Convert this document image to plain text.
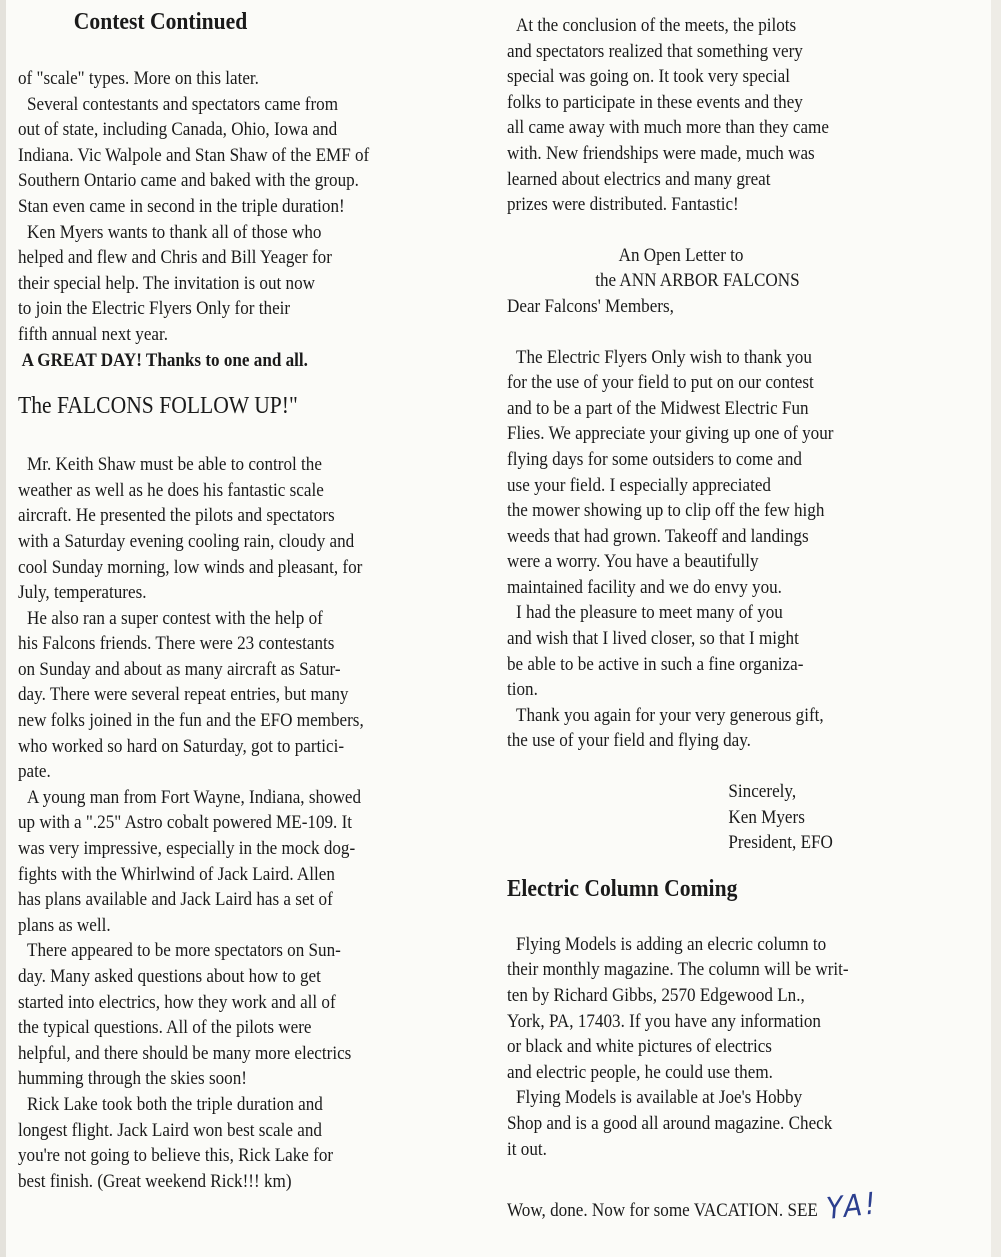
Contest Continued

of "scale" types. More on this later.

Several contestants and spectators came from

out of state, including Canada, Ohio, Iowa and

Indiana. Vic Walpole and Stan Shaw of the EMF of

Southern Ontario came and baked with the group.

Stan even came in second in the triple duration!

Ken Myers wants to thank all of those who

helped and flew and Chris and Bill Yeager for

their special help. The invitation is out now

to join the Electric Flyers Only for their

fifth annual next year.

A GREAT DAY! Thanks to one and all.

The FALCONS FOLLOW UP!"

Mr. Keith Shaw must be able to control the

weather as well as he does his fantastic scale

aircraft. He presented the pilots and spectators

with a Saturday evening cooling rain, cloudy and

cool Sunday morning, low winds and pleasant, for

July, temperatures.

He also ran a super contest with the help of

his Falcons friends. There were 23 contestants

on Sunday and about as many aircraft as Satur-

day. There were several repeat entries, but many

new folks joined in the fun and the EFO members,

who worked so hard on Saturday, got to partici-

pate.

A young man from Fort Wayne, Indiana, showed

up with a ".25" Astro cobalt powered ME-109. It

was very impressive, especially in the mock dog-

fights with the Whirlwind of Jack Laird. Allen

has plans available and Jack Laird has a set of

plans as well.

There appeared to be more spectators on Sun-

day. Many asked questions about how to get

started into electrics, how they work and all of

the typical questions. All of the pilots were

helpful, and there should be many more electrics

humming through the skies soon!

Rick Lake took both the triple duration and

longest flight. Jack Laird won best scale and

you're not going to believe this, Rick Lake for

best finish. (Great weekend Rick!!! km)

At the conclusion of the meets, the pilots

and spectators realized that something very

special was going on. It took very special

folks to participate in these events and they

all came away with much more than they came

with. New friendships were made, much was

learned about electrics and many great

prizes were distributed. Fantastic!

An Open Letter to

the ANN ARBOR FALCONS

Dear Falcons' Members,

The Electric Flyers Only wish to thank you

for the use of your field to put on our contest

and to be a part of the Midwest Electric Fun

Flies. We appreciate your giving up one of your

flying days for some outsiders to come and

use your field. I especially appreciated

the mower showing up to clip off the few high

weeds that had grown. Takeoff and landings

were a worry. You have a beautifully

maintained facility and we do envy you.

I had the pleasure to meet many of you

and wish that I lived closer, so that I might

be able to be active in such a fine organiza-

tion.

Thank you again for your very generous gift,

the use of your field and flying day.

Sincerely,

Ken Myers

President, EFO

Electric Column Coming

Flying Models is adding an elecric column to

their monthly magazine. The column will be writ-

ten by Richard Gibbs, 2570 Edgewood Ln.,

York, PA, 17403. If you have any information

or black and white pictures of electrics

and electric people, he could use them.

Flying Models is available at Joe's Hobby

Shop and is a good all around magazine. Check

it out.

Wow, done. Now for some VACATION. SEE YA!
